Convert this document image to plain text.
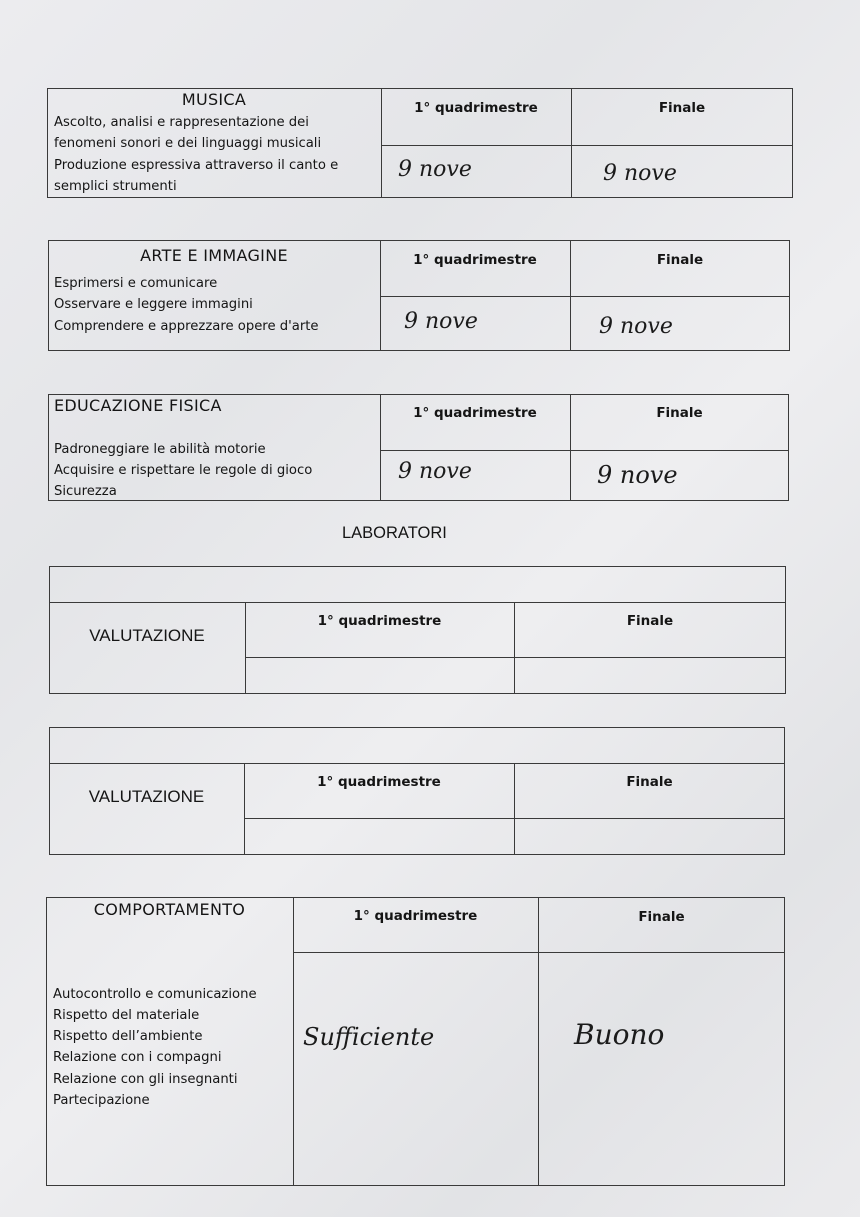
MUSICA
Ascolto, analisi e rappresentazione dei
fenomeni sonori e dei linguaggi musicali
Produzione espressiva attraverso il canto e
semplici strumenti
1° quadrimestre	Finale
9 nove	9 nove
ARTE E IMMAGINE
Esprimersi e comunicare
Osservare e leggere immagini
Comprendere e apprezzare opere d'arte
1° quadrimestre	Finale
9 nove	9 nove
EDUCAZIONE FISICA
Padroneggiare le abilità motorie
Acquisire e rispettare le regole di gioco
Sicurezza
1° quadrimestre	Finale
9 nove	9 nove
LABORATORI
VALUTAZIONE
1° quadrimestre	Finale
VALUTAZIONE
1° quadrimestre	Finale
COMPORTAMENTO
Autocontrollo e comunicazione
Rispetto del materiale
Rispetto dell’ambiente
Relazione con i compagni
Relazione con gli insegnanti
Partecipazione
1° quadrimestre	Finale
Sufficiente	Buono
